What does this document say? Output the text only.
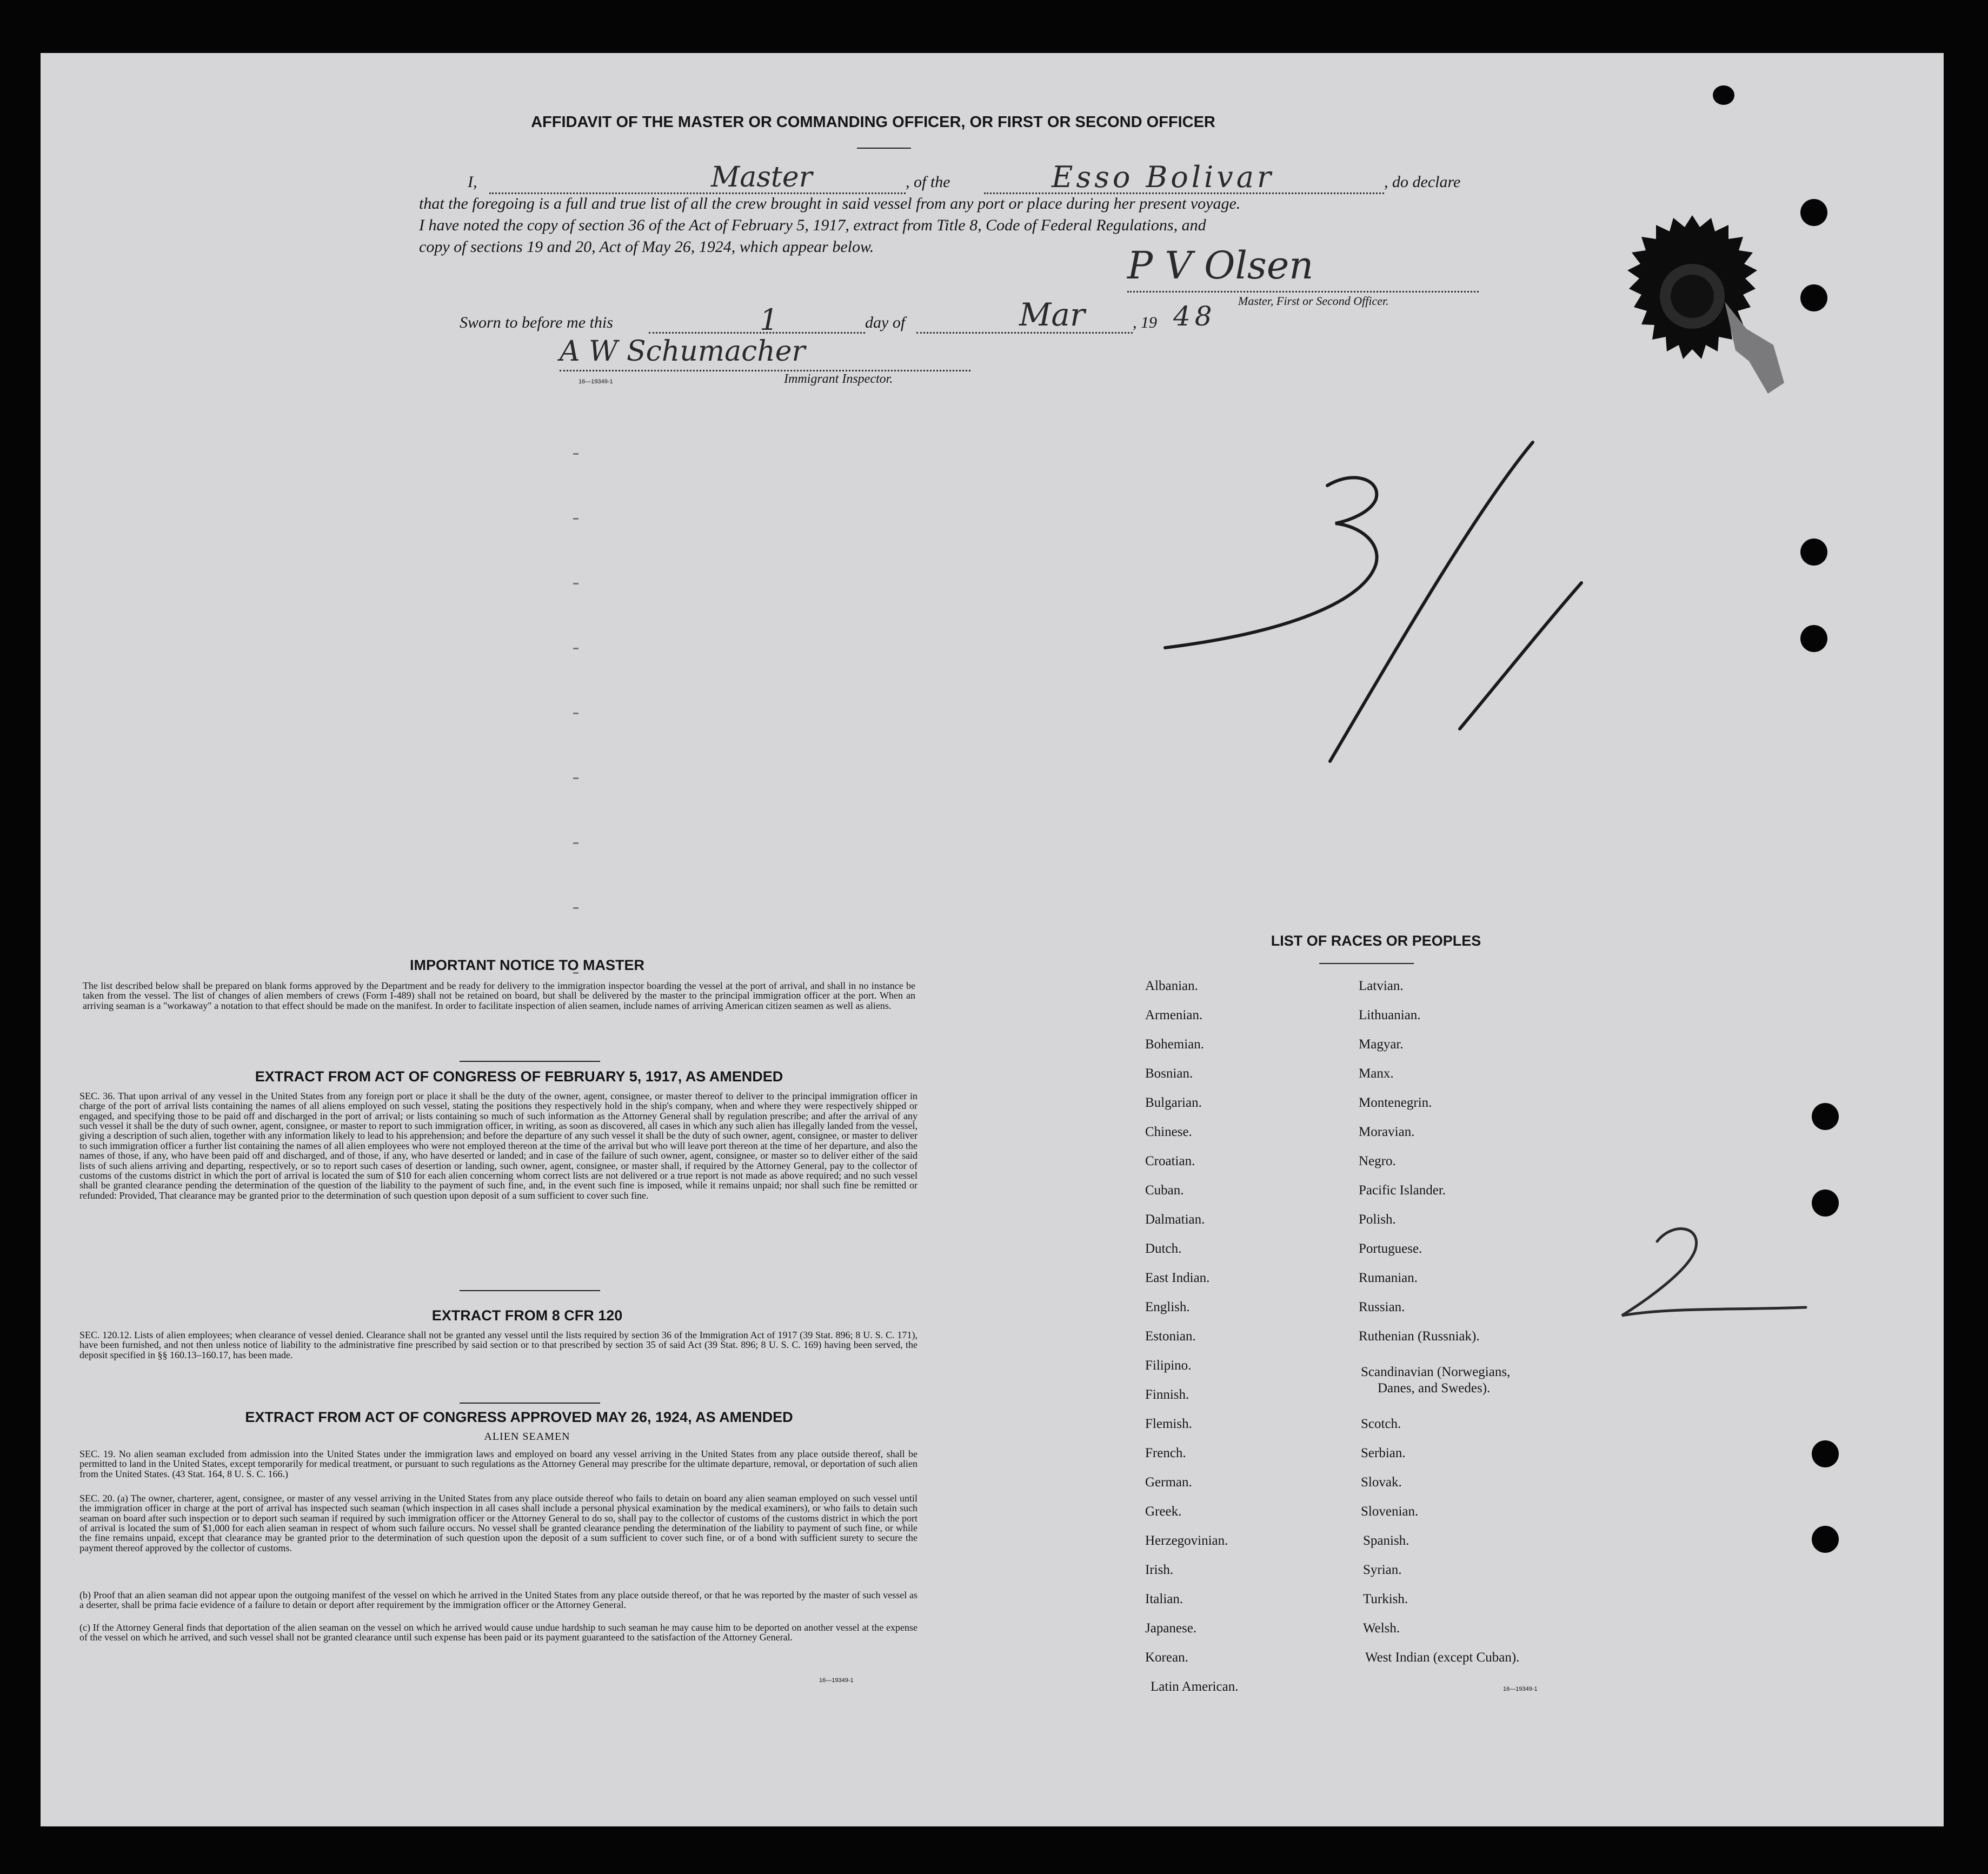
AFFIDAVIT OF THE MASTER OR COMMANDING OFFICER, OR FIRST OR SECOND OFFICER
I,	Master	, of the	Esso Bolivar	, do declare
that the foregoing is a full and true list of all the crew brought in said vessel from any port or place during her present voyage.
I have noted the copy of section 36 of the Act of February 5, 1917, extract from Title 8, Code of Federal Regulations, and
copy of sections 19 and 20, Act of May 26, 1924, which appear below.	P V Olsen
Master, First or Second Officer.
Sworn to before me this	1	day of	Mar	, 19 48
A W Schumacher
16—19349-1	Immigrant Inspector.
IMPORTANT NOTICE TO MASTER
The list described below shall be prepared on blank forms approved by the Department and be ready for delivery to the immigration inspector boarding the vessel at the port of arrival, and shall in no instance be taken from the vessel. The list of changes of alien members of crews (Form I-489) shall not be retained on board, but shall be delivered by the master to the principal immigration officer at the port. When an arriving seaman is a "workaway" a notation to that effect should be made on the manifest. In order to facilitate inspection of alien seamen, include names of arriving American citizen seamen as well as aliens.
EXTRACT FROM ACT OF CONGRESS OF FEBRUARY 5, 1917, AS AMENDED
SEC. 36. That upon arrival of any vessel in the United States from any foreign port or place it shall be the duty of the owner, agent, consignee, or master thereof to deliver to the principal immigration officer in charge of the port of arrival lists containing the names of all aliens employed on such vessel, stating the positions they respectively hold in the ship's company, when and where they were respectively shipped or engaged, and specifying those to be paid off and discharged in the port of arrival; or lists containing so much of such information as the Attorney General shall by regulation prescribe; and after the arrival of any such vessel it shall be the duty of such owner, agent, consignee, or master to report to such immigration officer, in writing, as soon as discovered, all cases in which any such alien has illegally landed from the vessel, giving a description of such alien, together with any information likely to lead to his apprehension; and before the departure of any such vessel it shall be the duty of such owner, agent, consignee, or master to deliver to such immigration officer a further list containing the names of all alien employees who were not employed thereon at the time of the arrival but who will leave port thereon at the time of her departure, and also the names of those, if any, who have been paid off and discharged, and of those, if any, who have deserted or landed; and in case of the failure of such owner, agent, consignee, or master so to deliver either of the said lists of such aliens arriving and departing, respectively, or so to report such cases of desertion or landing, such owner, agent, consignee, or master shall, if required by the Attorney General, pay to the collector of customs of the customs district in which the port of arrival is located the sum of $10 for each alien concerning whom correct lists are not delivered or a true report is not made as above required; and no such vessel shall be granted clearance pending the determination of the question of the liability to the payment of such fine, and, in the event such fine is imposed, while it remains unpaid; nor shall such fine be remitted or refunded: Provided, That clearance may be granted prior to the determination of such question upon deposit of a sum sufficient to cover such fine.
EXTRACT FROM 8 CFR 120
SEC. 120.12. Lists of alien employees; when clearance of vessel denied. Clearance shall not be granted any vessel until the lists required by section 36 of the Immigration Act of 1917 (39 Stat. 896; 8 U. S. C. 171), have been furnished, and not then unless notice of liability to the administrative fine prescribed by said section or to that prescribed by section 35 of said Act (39 Stat. 896; 8 U. S. C. 169) having been served, the deposit specified in §§ 160.13–160.17, has been made.
EXTRACT FROM ACT OF CONGRESS APPROVED MAY 26, 1924, AS AMENDED
ALIEN SEAMEN
SEC. 19. No alien seaman excluded from admission into the United States under the immigration laws and employed on board any vessel arriving in the United States from any place outside thereof, shall be permitted to land in the United States, except temporarily for medical treatment, or pursuant to such regulations as the Attorney General may prescribe for the ultimate departure, removal, or deportation of such alien from the United States. (43 Stat. 164, 8 U. S. C. 166.)
SEC. 20. (a) The owner, charterer, agent, consignee, or master of any vessel arriving in the United States from any place outside thereof who fails to detain on board any alien seaman employed on such vessel until the immigration officer in charge at the port of arrival has inspected such seaman (which inspection in all cases shall include a personal physical examination by the medical examiners), or who fails to detain such seaman on board after such inspection or to deport such seaman if required by such immigration officer or the Attorney General to do so, shall pay to the collector of customs of the customs district in which the port of arrival is located the sum of $1,000 for each alien seaman in respect of whom such failure occurs. No vessel shall be granted clearance pending the determination of the liability to payment of such fine, or while the fine remains unpaid, except that clearance may be granted prior to the determination of such question upon the deposit of a sum sufficient to cover such fine, or of a bond with sufficient surety to secure the payment thereof approved by the collector of customs.
(b) Proof that an alien seaman did not appear upon the outgoing manifest of the vessel on which he arrived in the United States from any place outside thereof, or that he was reported by the master of such vessel as a deserter, shall be prima facie evidence of a failure to detain or deport after requirement by the immigration officer or the Attorney General.
(c) If the Attorney General finds that deportation of the alien seaman on the vessel on which he arrived would cause undue hardship to such seaman he may cause him to be deported on another vessel at the expense of the vessel on which he arrived, and such vessel shall not be granted clearance until such expense has been paid or its payment guaranteed to the satisfaction of the Attorney General.
16—19349-1
LIST OF RACES OR PEOPLES
Albanian.
Armenian.
Bohemian.
Bosnian.
Bulgarian.
Chinese.
Croatian.
Cuban.
Dalmatian.
Dutch.
East Indian.
English.
Estonian.
Filipino.
Finnish.
Flemish.
French.
German.
Greek.
Herzegovinian.
Irish.
Italian.
Japanese.
Korean.
Latin American.
Latvian.
Lithuanian.
Magyar.
Manx.
Montenegrin.
Moravian.
Negro.
Pacific Islander.
Polish.
Portuguese.
Rumanian.
Russian.
Ruthenian (Russniak).
Scandinavian (Norwegians,
Danes, and Swedes).
Scotch.
Serbian.
Slovak.
Slovenian.
Spanish.
Syrian.
Turkish.
Welsh.
West Indian (except Cuban).
16—19349-1
